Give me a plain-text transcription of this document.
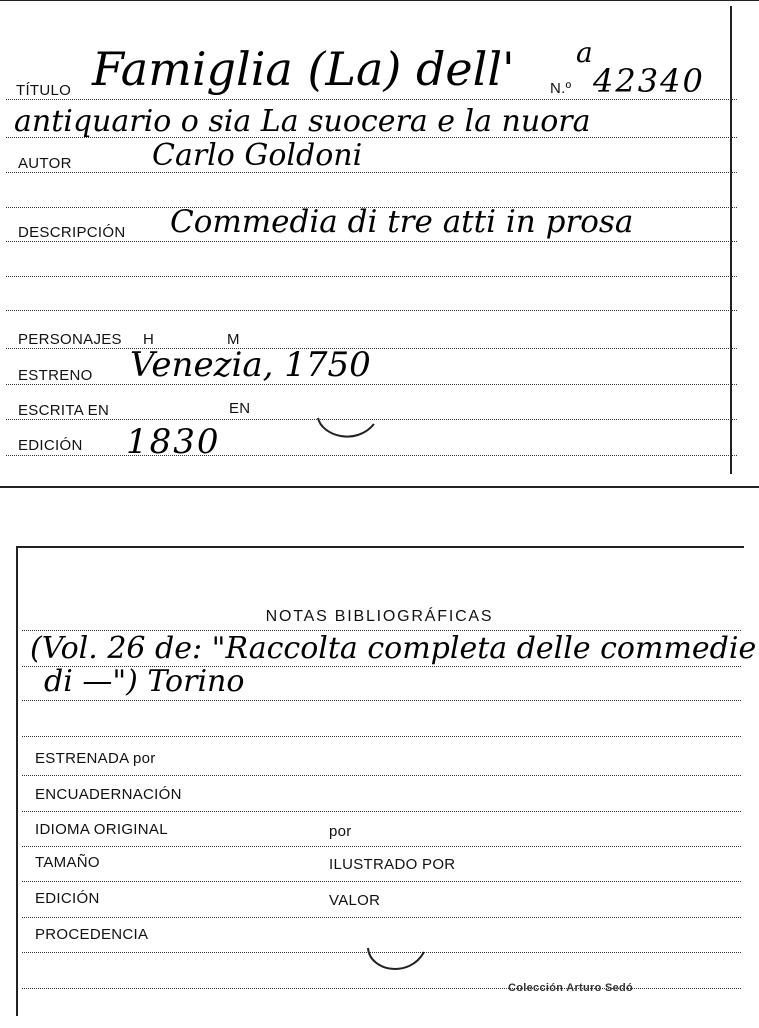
TÍTULO Famiglia (La) dell' a
N.º 42340
antiquario o sia La suocera e la nuora
AUTOR	Carlo Goldoni
DESCRIPCIÓN Commedia di tre atti in prosa
PERSONAJES H	M
ESTRENO Venezia, 1750
ESCRITA EN	EN
EDICIÓN 1830
NOTAS BIBLIOGRÁFICAS
(Vol. 26 de: "Raccolta completa delle commedie
di —") Torino
ESTRENADA por
ENCUADERNACIÓN
IDIOMA ORIGINAL	por
TAMAÑO	ILUSTRADO POR
EDICIÓN	VALOR
PROCEDENCIA
Colección Arturo Sedó
